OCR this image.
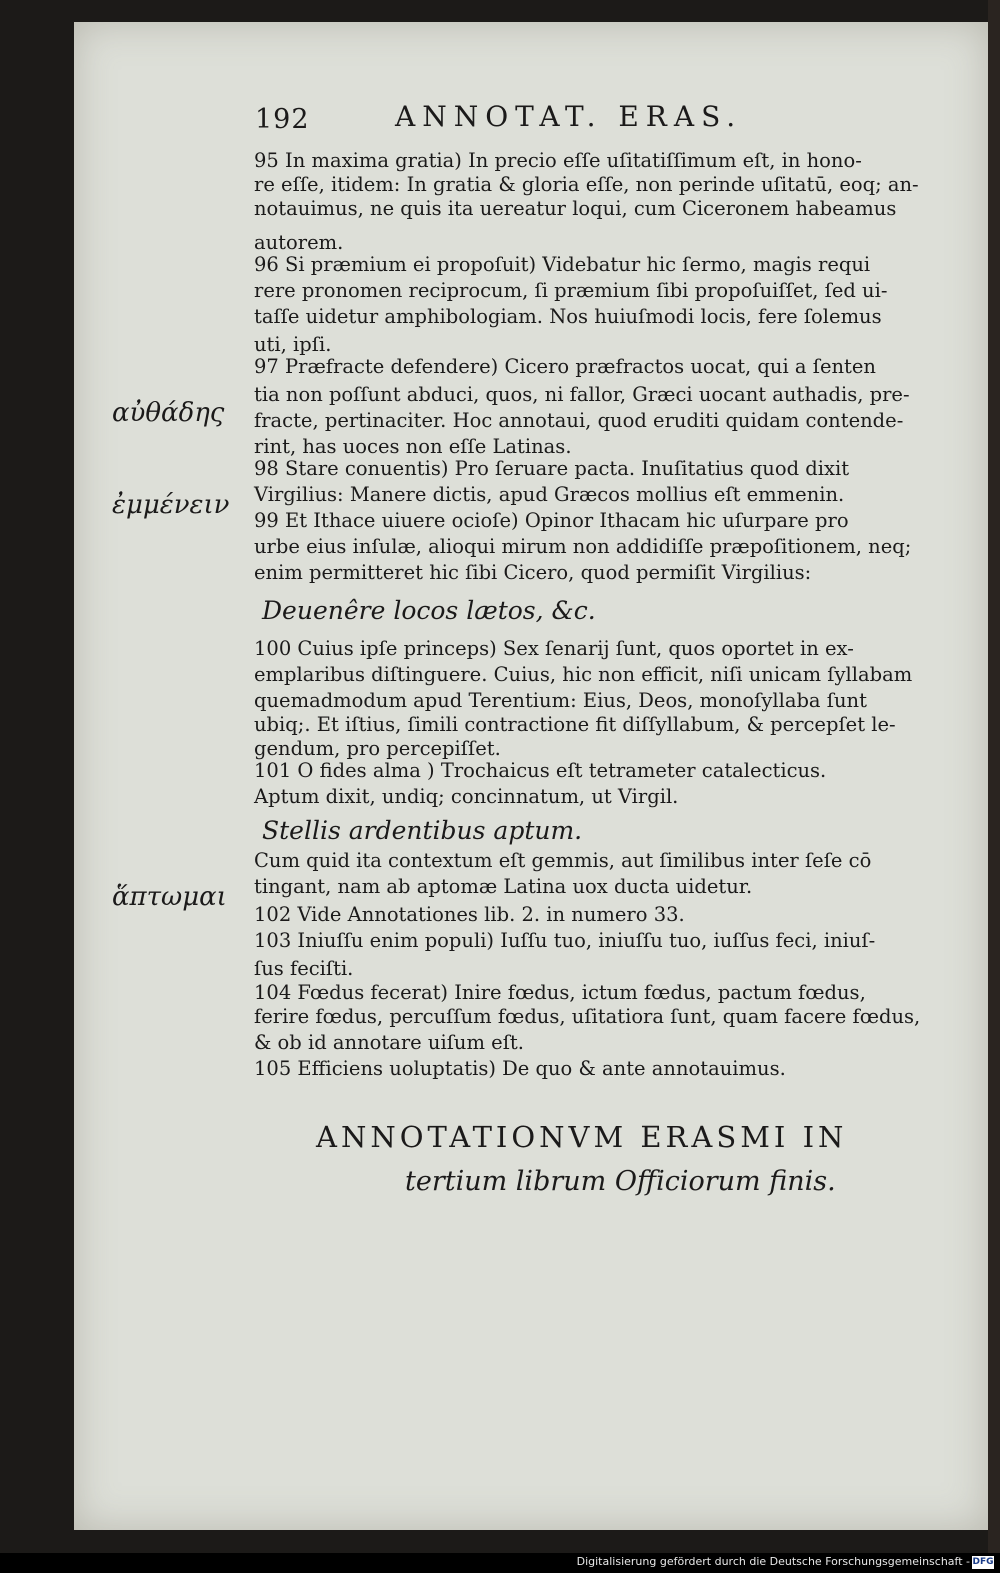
192	ANNOTAT. ERAS.
95 In maxima gratia) In precio eſſe uſitatiſſimum eſt, in hono-
re eſſe, itidem: In gratia & gloria eſſe, non perinde uſitatū, eoq; an-
notauimus, ne quis ita uereatur loqui, cum Ciceronem habeamus
autorem.
96 Si præmium ei propoſuit) Videbatur hic ſermo, magis requi
rere pronomen reciprocum, ſi præmium ſibi propoſuiſſet, ſed ui-
taſſe uidetur amphibologiam. Nos huiuſmodi locis, fere ſolemus
uti, ipſi.
97 Præfracte defendere) Cicero præfractos uocat, qui a ſenten
tia non poſſunt abduci, quos, ni fallor, Græci uocant authadis, pre-
fracte, pertinaciter. Hoc annotaui, quod eruditi quidam contende-
rint, has uoces non eſſe Latinas.
98 Stare conuentis) Pro ſeruare pacta. Inuſitatius quod dixit
Virgilius: Manere dictis, apud Græcos mollius eſt emmenin.
99 Et Ithace uiuere ocioſe) Opinor Ithacam hic uſurpare pro
urbe eius inſulæ, alioqui mirum non addidiſſe præpoſitionem, neq;
enim permitteret hic ſibi Cicero, quod permiſit Virgilius:
Deuenêre locos lætos, &c.
100 Cuius ipſe princeps) Sex ſenarij ſunt, quos oportet in ex-
emplaribus diſtinguere. Cuius, hic non efficit, niſi unicam ſyllabam
quemadmodum apud Terentium: Eius, Deos, monoſyllaba ſunt
ubiq;. Et iſtius, ſimili contractione fit diſſyllabum, & percepſet le-
gendum, pro percepiſſet.
101 O fides alma ) Trochaicus eſt tetrameter catalecticus.
Aptum dixit, undiq; concinnatum, ut Virgil.
Stellis ardentibus aptum.
Cum quid ita contextum eſt gemmis, aut ſimilibus inter ſeſe cō
tingant, nam ab aptomæ Latina uox ducta uidetur.
102 Vide Annotationes lib. 2. in numero 33.
103 Iniuſſu enim populi) Iuſſu tuo, iniuſſu tuo, iuſſus feci, iniuſ-
ſus feciſti.
104 Fœdus fecerat) Inire fœdus, ictum fœdus, pactum fœdus,
ferire fœdus, percuſſum fœdus, uſitatiora ſunt, quam facere fœdus,
& ob id annotare uiſum eſt.
105 Efficiens uoluptatis) De quo & ante annotauimus.
αὐθάδης
ἐμμένειν
ἅπτωμαι
ANNOTATIONVM ERASMI IN
tertium librum Officiorum finis.
Digitalisierung gefördert durch die Deutsche Forschungsgemeinschaft - DFG
